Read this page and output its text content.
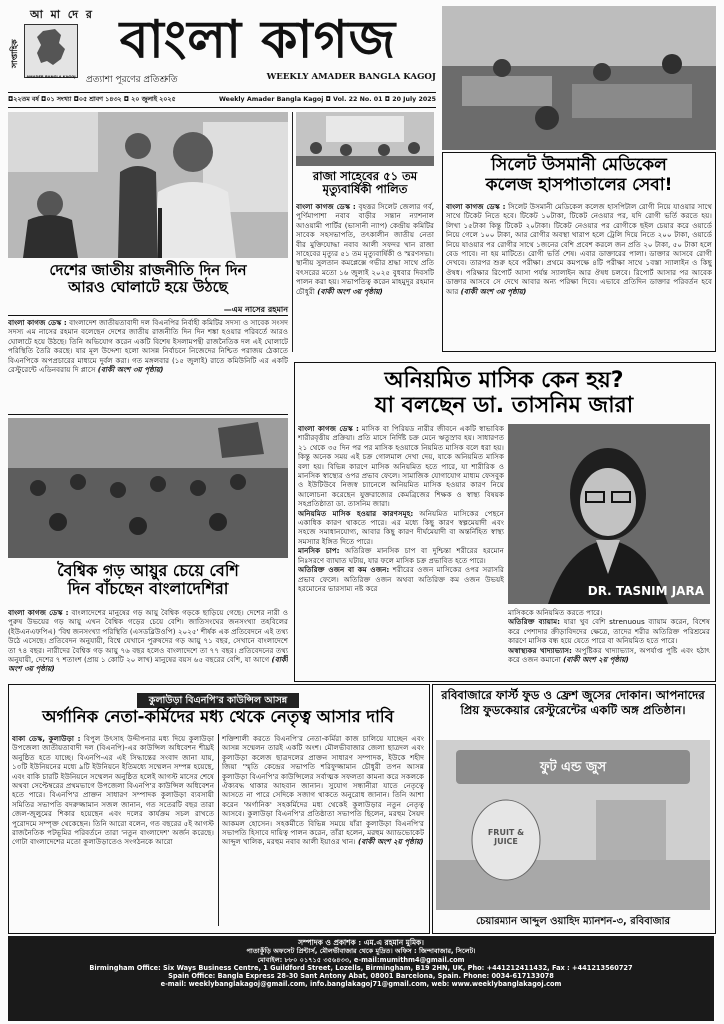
সাপ্তাহিক
AMADER BANGLA KAGOJ
আ মা দে র বাংলা কাগজ
প্রত্যাশা পূরণের প্রতিশ্রুতি	WEEKLY AMADER BANGLA KAGOJ
◘২২তম বর্ষ ◘০১ সংখ্যা ◘০৫ শ্রাবণ ১৪৩২ ◘ ২০ জুলাই ২০২৫	Weekly Amader Bangla Kagoj ◘ Vol. 22 No. 01 ◘ 20 July 2025
দেশের জাতীয় রাজনীতি দিন দিন
আরও ঘোলাটে হয়ে উঠছে
—এম নাসের রহমান
বাংলা কাগজ ডেস্ক : বাংলাদেশ জাতীয়তাবাদী দল বিএনপির নির্বাহী কমিটির সদস্য ও সাবেক সংসদ সদস্য এম নাসের রহমান বলেছেন দেশের জাতীয় রাজনীতি দিন দিন শঙ্কা হওয়ার পরিবর্তে আরও ঘোলাটে হয়ে উঠছে। তিনি অভিযোগ করেন একটি বিশেষ ইসলামপন্থী রাজনৈতিক দল এই ঘোলাটে পরিস্থিতি তৈরি করছে। যার মূল উদ্দেশ্য হলো আসন্ন নির্বাচনে নিজেদের নিশ্চিত পরাজয় ঠেকাতে বিএনপিকে অপপ্রচারের মাধ্যমে দুর্বল করা। গত মঙ্গলবার (১৫ জুলাই) রাতে কমিউনিটি এর একটি রেস্টুরেন্টে এডিনবরায় দি প্লাসে (বাকী অংশ ৩য় পৃষ্ঠায়)
রাজা সাহেবের ৫১ তম
মৃত্যুবার্ষিকী পালিত
বাংলা কাগজ ডেস্ক : বৃহত্তর সিলেট জেলার গর্ব, পুর্ণিমাপাশা নবাব বাড়ীর সন্তান ন্যাশনাল আওয়ামী পার্টির (ভাসানী ন্যাপ) কেন্দ্রীয় কমিটির সাবেক সহসভাপতি, তৎকালীন জাতীয় নেতা বীর মুক্তিযোদ্ধা নবাব আলী সফদর খান রাজা সাহেবের মৃত্যুর ৫১ তম মৃত্যুবার্ষিকী ও স্মরণসভা। স্থানীয় সুলতান কমপ্লেক্সে গভীর শ্রদ্ধা সাথে প্রতি বৎসরের মতো ১৬ জুলাই ২০২৫ বুধবার দিবসটি পালন করা হয়। সভাপতিত্ব করেন মাহমুদুর রহমান চৌধুরী (বাকী অংশ ৩য় পৃষ্ঠায়)
সিলেট উসমানী মেডিকেল
কলেজ হাসপাতালের সেবা!
বাংলা কাগজ ডেস্ক : সিলেট উসমানী মেডিকেল কলেজ হাসপিটাল রোগী নিয়ে যাওয়ার সাথে সাথে টিকেট নিতে হবে। টিকেট ১০টাকা, টিকেট নেওয়ার পর, যদি রোগী ভর্তি করতে হয়। লিখা ১৫টাকা কিন্তু টিকেট ২০টাকা। টিকেট নেওয়ার পর রোগীকে ছইল চেয়ার করে ওয়ার্ডে নিয়ে গেলে ১০০ টাকা, আর রোগীর অবস্থা খারাপ হলে ট্রেলি দিয়ে নিতে ২০০ টাকা, ওয়ার্ডে নিয়ে যাওয়ার পর রোগীর সাথে ১জনের বেশি প্রবেশ করলে জন প্রতি ২০ টাকা, ৫০ টাকা হলে বেড পাবে। না হয় মাটিতে। রোগী ভর্তি শেষ। এবার ডাক্তারের পালা। ডাক্তার আসবে রোগী দেখবে। তারপর শুরু হবে পরীক্ষা। প্রথমে কমপক্ষে ৪টি পরীক্ষা সাথে ১বস্তা স্যালাইন ও কিছু ঔষধ। পরিক্ষার রিপোর্ট আসা পর্যন্ত স্যালাইন আর ঔষধ চলবে। রিপোর্ট আসার পর আবেক ডাক্তার আসবে সে দেখে আবার অন্য পরিক্ষা দিবে। এভাবে প্রতিদিন ডাক্তার পরিবর্তন হবে আর (বাকী অংশ ৩য় পৃষ্ঠায়)
বৈশ্বিক গড় আয়ুর চেয়ে বেশি
দিন বাঁচছেন বাংলাদেশিরা
বাংলা কাগজ ডেস্ক : বাংলাদেশের মানুষের গড় আয়ু বৈশ্বিক গড়কে ছাড়িয়ে গেছে। দেশের নারী ও পুরুষ উভয়ের গড় আয়ু এখন বৈশ্বিক গড়ের চেয়ে বেশি। জাতিসংঘের জনসংখ্যা তহবিলের (ইউএনএফপিএ) 'বিশ্ব জনসংখ্যা পরিস্থিতি (এসডব্লিউওপি) ২০২৫' শীর্ষক এক প্রতিবেদনে এই তথ্য উঠে এসেছে। প্রতিবেদন অনুযায়ী, বিশ্বে যেখানে পুরুষদের গড় আয়ু ৭১ বছর, সেখানে বাংলাদেশে তা ৭৪ বছর। নারীদের বৈশ্বিক গড় আয়ু ৭৬ বছর হলেও বাংলাদেশে তা ৭৭ বছর। প্রতিবেদনের তথ্য অনুযায়ী, দেশের ৭ শতাংশ (প্রায় ১ কোটি ২০ লাখ) মানুষের বয়স ৬৫ বছরের বেশি, যা আগে (বাকী অংশ ৩য় পৃষ্ঠায়)
অনিয়মিত মাসিক কেন হয়?
যা বলছেন ডা. তাসনিম জারা
বাংলা কাগজ ডেস্ক : মাসিক বা পিরিয়ড নারীর জীবনে একটি স্বাভাবিক শারীরবৃত্তীয় প্রক্রিয়া। প্রতি মাসে নির্দিষ্ট চক্র মেনে ঋতুস্রাব হয়। সাধারণত ২১ থেকে ৩৫ দিন পর পর মাসিক হওয়াকে নিয়মিত মাসিক বলে ধরা হয়। কিন্তু অনেক সময় এই চক্র গোলমাল দেখা দেয়, যাকে অনিয়মিত মাসিক বলা হয়। বিভিন্ন কারণে মাসিক অনিয়মিত হতে পারে, যা শারীরিক ও মানসিক স্বাস্থ্যের ওপর প্রভাব ফেলে। সামাজিক যোগাযোগ মাধ্যম ফেসবুক ও ইউটিউবে নিজস্ব চ্যানেলে অনিয়মিত মাসিক হওয়ার কারণ নিয়ে আলোচনা করেছেন যুক্তরাজ্যের কেমব্রিজের শিক্ষক ও স্বাস্থ্য বিষয়ক সহপ্রতিষ্ঠাতা ডা. তাসনিম জারা।
অনিয়মিত মাসিক হওয়ার কারণসমূহ: অনিয়মিত মাসিকের পেছনে একাধিক কারণ থাকতে পারে। এর মধ্যে কিছু কারণ স্বল্পমেয়াদী এবং সহজে সমাধানযোগ্য, আবার কিছু কারণ দীর্ঘমেয়াদী বা অন্তর্নিহিত স্বাস্থ্য সমস্যার ইঙ্গিত দিতে পারে।
মানসিক চাপ: অতিরিক্ত মানসিক চাপ বা দুশ্চিন্তা শরীরের হরমোন নিঃসরণে ব্যাঘাত ঘটায়, যার ফলে মাসিক চক্র প্রভাবিত হতে পারে।
অতিরিক্ত ওজন বা কম ওজন: শরীরের ওজন মাসিকের ওপর সরাসরি প্রভাব ফেলে। অতিরিক্ত ওজন অথবা অতিরিক্ত কম ওজন উভয়ই হরমোনের ভারসাম্য নষ্ট করে	DR. TASNIM JARA
মাসিককে অনিয়মিত করতে পারে।
অতিরিক্ত ব্যায়াম: যারা খুব বেশি strenuous ব্যায়াম করেন, বিশেষ করে পেশাদার ক্রীড়াবিদদের ক্ষেত্রে, তাদের শরীর অতিরিক্ত পরিশ্রমের কারণে মাসিক বন্ধ হয়ে যেতে পারে বা অনিয়মিত হতে পারে।
অস্বাস্থ্যকর খাদ্যাভ্যাস: অপুষ্টিকর খাদ্যাভ্যাস, অপর্যাপ্ত পুষ্টি এবং হঠাৎ করে ওজন কমানো (বাকী অংশ ২য় পৃষ্ঠায়)
কুলাউড়া বিএনপি'র কাউন্সিল আসন্ন
অর্গানিক নেতা-কর্মিদের মধ্য থেকে নেতৃত্ব আসার দাবি
বাকা ডেস্ক, কুলাউড়া : বিপুল উৎসাহ উদ্দীপনার মধ্য দিয়ে কুলাউড়া উপজেলা জাতীয়তাবাদী দল (বিএনপি)-এর কাউন্সিল অধিবেশন শীঘ্রই অনুষ্ঠিত হতে যাচ্ছে। বিএনপি-এর এই সিদ্ধান্তের সংবাদ জানা যায়, ১৩টি ইউনিয়নের মধ্যে ৯টি ইউনিয়নে ইতিমধ্যে সম্মেলন সম্পন্ন হয়েছে, এবং বাকি চারটি ইউনিয়নে সম্মেলন অনুষ্ঠিত হলেই আগস্ট মাসের শেষে অথবা সেপ্টেম্বরের প্রথমভাগে উপজেলা বিএনপি'র কাউন্সিল অধিবেশন হতে পারে। বিএনপি'র প্রাক্তন সাধারণ সম্পাদক কুলাউড়া ব্যবসায়ী সমিতির সভাপতি বদরুজ্জামান সজল জানান, গত সতেরটি বছর তারা জেল-জুলুমের শিকার হয়েছেন এবং দলের কার্যক্রম সচল রাখতে পুরোদমে সম্পৃক্ত থেকেছেন। তিনি আরো বলেন, গত বছরের ৫ই আগস্ট রাজনৈতিক পটভূমির পরিবর্তনে তারা 'নতুন বাংলাদেশ' অর্জন করেছে। গোটা বাংলাদেশের মতো কুলাউড়াতেও সংগঠনকে আরো
শক্তিশালী করতে বিএনপি'র নেতা-কর্মিরা কাজ চালিয়ে যাচ্ছেন এবং আসন্ন সম্মেলন তারই একটি অংশ। মৌলভীবাজার জেলা ছাত্রদল এবং কুলাউড়া কলেজ ছাত্রদলের প্রাক্তন সাধারণ সম্পাদক, ইউকে শহীদ জিয়া 'স্মৃতি কেন্দ্রের সভাপতি শরিফুজ্জামান চৌধুরী তপন আসন্ন কুলাউড়া বিএনপি'র কাউন্সিলের সর্বাত্মক সফলতা কামনা করে সকলকে ঐক্যবদ্ধ থাকার আহবান জানান। সুযোগ সন্ধানীরা যাতে নেতৃত্বে আসতে না পারে সেদিকে সজাগ থাকতে অনুরোধ জানান। তিনি আশা করেন 'অর্গানিক' সহকর্মিদের মধ্য থেকেই কুলাউড়ার নতুন নেতৃত্ব আসবে। কুলাউড়া বিএনপি'র প্রতিষ্ঠাতা সভাপতি ছিলেন, মরহুম সৈয়দ আকমল হোসেন। সহকর্মীতে বিভিন্ন সময়ে যাঁরা কুলাউড়া বিএনপি'র সভাপতি হিসাবে দায়িত্ব পালন করেন, তাঁরা হলেন, মরহুম অ্যাডভোকেট আব্দুল খালিক, মরহুম নবাব আলী ইয়াওর খান। (বাকী অংশ ২য় পৃষ্ঠায়)
রবিবাজারে ফার্স্ট ফুড ও ফ্রেশ জুসের দোকান। আপনাদের প্রিয় ফুডকেয়ার রেস্টুরেন্টের একটি অঙ্গ প্রতিষ্ঠান।
ফুট এন্ড জুস
FRUIT & JUICE
চেয়ারম্যান আব্দুল ওয়াহিদ ম্যানশন-৩, রবিবাজার
সম্পাদক ও প্রকাশক : এম.এ রহমান মুমিক।
পাতাকুঁড়ি অফসেট প্রিন্টার্স, মৌলভীবাজার থেকে মুদ্রিত। অফিস : জিন্দাবাজার, সিলেট।
মোবাইল: ৮৮০ ০১৭১৫ ৩৫৬৪৩৩, e-mail:mumithm4@gmail.com
Birmingham Office: Six Ways Business Centre, 1 Guildford Street, Lozells, Birmingham, B19 2HN, UK, Pho: +441212411432, Fax : +441213560727
Spain Office: Bangla Express 28-30 Sant Antony Abat, 08001 Barcelona, Spain. Phone: 0034-617133078
e-mail: weeklybanglakagoj@gmail.com, info.banglakagoj71@gmail.com, web: www.weeklybanglakagoj.com
